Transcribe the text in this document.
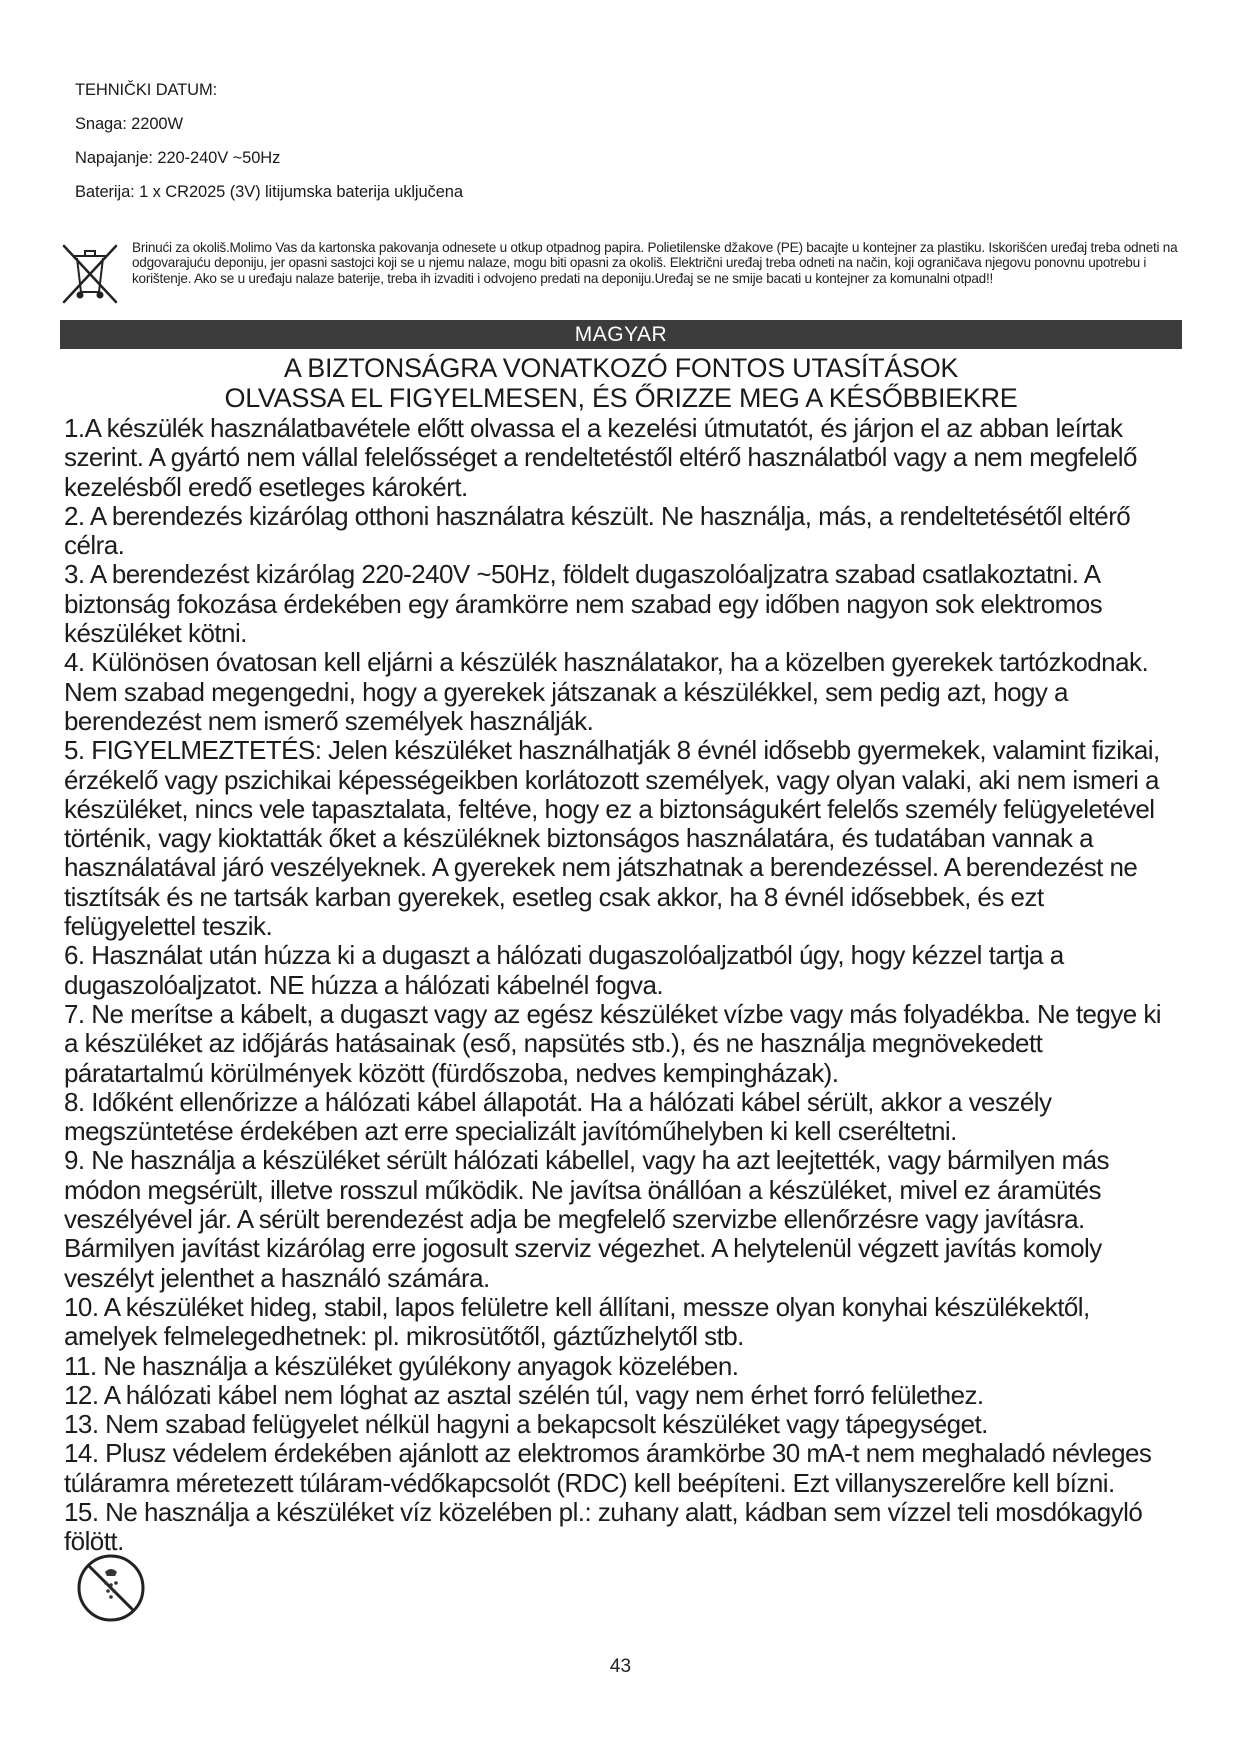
TEHNIČKI DATUM:
Snaga: 2200W
Napajanje: 220-240V ~50Hz
Baterija: 1 x CR2025 (3V) litijumska baterija uključena
Brinući za okoliš.Molimo Vas da kartonska pakovanja odnesete u otkup otpadnog papira. Polietilenske džakove (PE) bacajte u kontejner za plastiku. Iskorišćen uređaj treba odneti na odgovarajuću deponiju, jer opasni sastojci koji se u njemu nalaze, mogu biti opasni za okoliš. Električni uređaj treba odneti na način, koji ograničava njegovu ponovnu upotrebu i korištenje. Ako se u uređaju nalaze baterije, treba ih izvaditi i odvojeno predati na deponiju.Uređaj se ne smije bacati u kontejner za komunalni otpad!!
MAGYAR
A BIZTONSÁGRA VONATKOZÓ FONTOS UTASÍTÁSOK
OLVASSA EL FIGYELMESEN, ÉS ŐRIZZE MEG A KÉSŐBBIEKRE

1.A készülék használatbavétele előtt olvassa el a kezelési útmutatót, és járjon el az abban leírtak szerint. A gyártó nem vállal felelősséget a rendeltetéstől eltérő használatból vagy a nem megfelelő kezelésből eredő esetleges károkért.

2. A berendezés kizárólag otthoni használatra készült. Ne használja, más, a rendeltetésétől eltérő célra.

3. A berendezést kizárólag 220-240V ~50Hz, földelt dugaszolóaljzatra szabad csatlakoztatni. A biztonság fokozása érdekében egy áramkörre nem szabad egy időben nagyon sok elektromos készüléket kötni.

4. Különösen óvatosan kell eljárni a készülék használatakor, ha a közelben gyerekek tartózkodnak. Nem szabad megengedni, hogy a gyerekek játszanak a készülékkel, sem pedig azt, hogy a berendezést nem ismerő személyek használják.

5. FIGYELMEZTETÉS: Jelen készüléket használhatják 8 évnél idősebb gyermekek, valamint fizikai, érzékelő vagy pszichikai képességeikben korlátozott személyek, vagy olyan valaki, aki nem ismeri a készüléket, nincs vele tapasztalata, feltéve, hogy ez a biztonságukért felelős személy felügyeletével történik, vagy kioktatták őket a készüléknek biztonságos használatára, és tudatában vannak a használatával járó veszélyeknek. A gyerekek nem játszhatnak a berendezéssel. A berendezést ne tisztítsák és ne tartsák karban gyerekek, esetleg csak akkor, ha 8 évnél idősebbek, és ezt felügyelettel teszik.

6. Használat után húzza ki a dugaszt a hálózati dugaszolóaljzatból úgy, hogy kézzel tartja a dugaszolóaljzatot. NE húzza a hálózati kábelnél fogva.

7. Ne merítse a kábelt, a dugaszt vagy az egész készüléket vízbe vagy más folyadékba. Ne tegye ki a készüléket az időjárás hatásainak (eső, napsütés stb.), és ne használja megnövekedett páratartalmú körülmények között (fürdőszoba, nedves kempingházak).

8. Időként ellenőrizze a hálózati kábel állapotát. Ha a hálózati kábel sérült, akkor a veszély megszüntetése érdekében azt erre specializált javítóműhelyben ki kell cseréltetni.

9. Ne használja a készüléket sérült hálózati kábellel, vagy ha azt leejtették, vagy bármilyen más módon megsérült, illetve rosszul működik. Ne javítsa önállóan a készüléket, mivel ez áramütés veszélyével jár. A sérült berendezést adja be megfelelő szervizbe ellenőrzésre vagy javításra. Bármilyen javítást kizárólag erre jogosult szerviz végezhet. A helytelenül végzett javítás komoly veszélyt jelenthet a használó számára.

10. A készüléket hideg, stabil, lapos felületre kell állítani, messze olyan konyhai készülékektől, amelyek felmelegedhetnek: pl. mikrosütőtől, gáztűzhelytől stb.

11. Ne használja a készüléket gyúlékony anyagok közelében.

12. A hálózati kábel nem lóghat az asztal szélén túl, vagy nem érhet forró felülethez.

13. Nem szabad felügyelet nélkül hagyni a bekapcsolt készüléket vagy tápegységet.

14. Plusz védelem érdekében ajánlott az elektromos áramkörbe 30 mA-t nem meghaladó névleges túláramra méretezett túláram-védőkapcsolót (RDC) kell beépíteni. Ezt villanyszerelőre kell bízni.

15. Ne használja a készüléket víz közelében pl.: zuhany alatt, kádban sem vízzel teli mosdókagyló fölött.

43
